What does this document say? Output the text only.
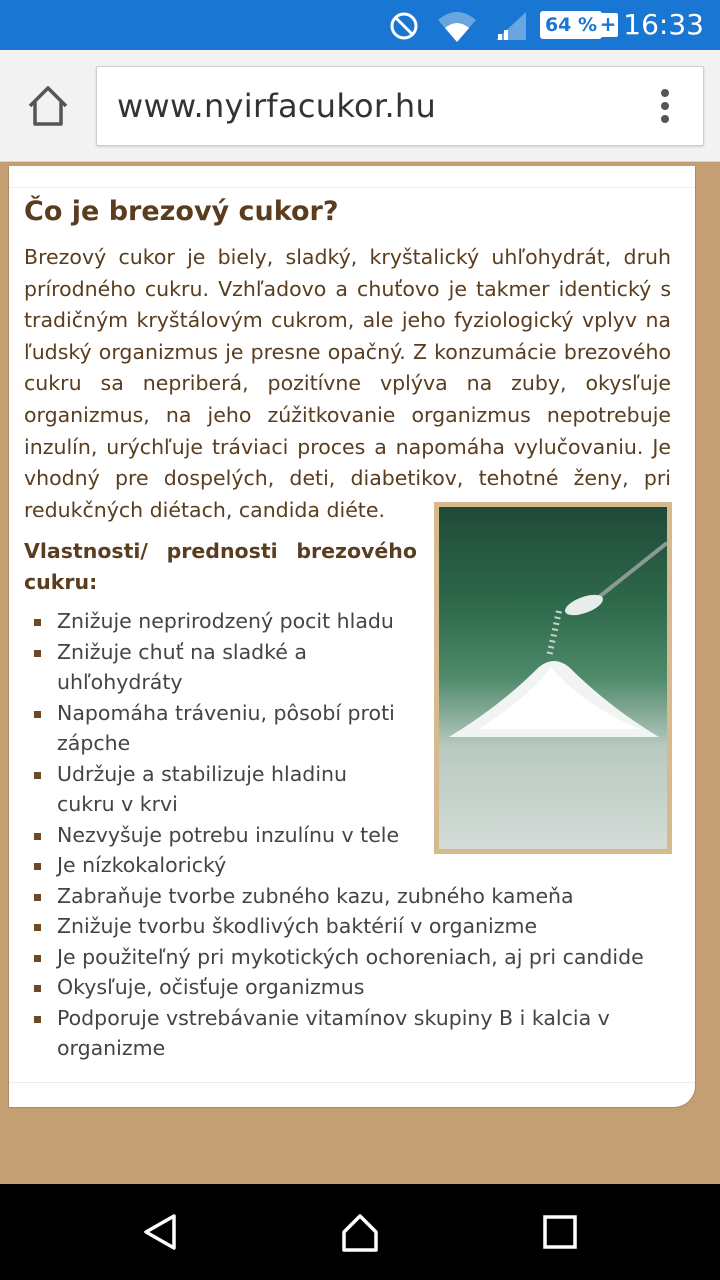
64 % + 16:33
www.nyirfacukor.hu
Čo je brezový cukor?

Brezový cukor je biely, sladký, kryštalický uhľohydrát, druh prírodného cukru. Vzhľadovo a chuťovo je takmer identický s tradičným kryštálovým cukrom, ale jeho fyziologický vplyv na ľudský organizmus je presne opačný. Z konzumácie brezového cukru sa nepriberá, pozitívne vplýva na zuby, okysľuje organizmus, na jeho zúžitkovanie organizmus nepotrebuje inzulín, urýchľuje tráviaci proces a napomáha vylučovaniu. Je vhodný pre dospelých, deti, diabetikov, tehotné ženy, pri redukčných diétach, candida diéte.

Vlastnosti/ prednosti brezového
cukru:
Znižuje neprirodzený pocit hladu
Znižuje chuť na sladké a uhľohydráty
Napomáha tráveniu, pôsobí proti zápche
Udržuje a stabilizuje hladinu cukru v krvi
Nezvyšuje potrebu inzulínu v tele
Je nízkokalorický
Zabraňuje tvorbe zubného kazu, zubného kameňa
Znižuje tvorbu škodlivých baktérií v organizme
Je použiteľný pri mykotických ochoreniach, aj pri candide
Okysľuje, očisťuje organizmus
Podporuje vstrebávanie vitamínov skupiny B i kalcia v organizme
